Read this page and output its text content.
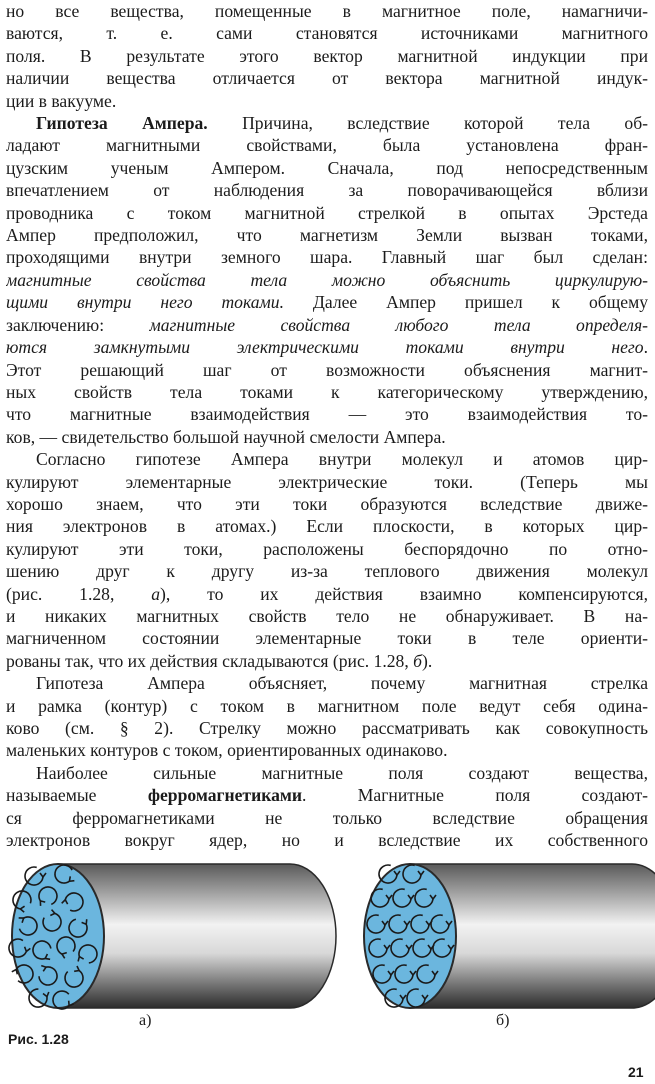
но все вещества, помещенные в магнитное поле, намагничи-
ваются, т. е. сами становятся источниками магнитного
поля. В результате этого вектор магнитной индукции при
наличии вещества отличается от вектора магнитной индук-
ции в вакууме.

Гипотеза Ампера. Причина, вследствие которой тела об-
ладают магнитными свойствами, была установлена фран-
цузским ученым Ампером. Сначала, под непосредственным
впечатлением от наблюдения за поворачивающейся вблизи
проводника с током магнитной стрелкой в опытах Эрстеда
Ампер предположил, что магнетизм Земли вызван токами,
проходящими внутри земного шара. Главный шаг был сделан:
магнитные свойства тела можно объяснить циркулирую-
щими внутри него токами. Далее Ампер пришел к общему
заключению: магнитные свойства любого тела определя-
ются замкнутыми электрическими токами внутри него.
Этот решающий шаг от возможности объяснения магнит-
ных свойств тела токами к категорическому утверждению,
что магнитные взаимодействия — это взаимодействия то-
ков, — свидетельство большой научной смелости Ампера.

Согласно гипотезе Ампера внутри молекул и атомов цир-
кулируют элементарные электрические токи. (Теперь мы
хорошо знаем, что эти токи образуются вследствие движе-
ния электронов в атомах.) Если плоскости, в которых цир-
кулируют эти токи, расположены беспорядочно по отно-
шению друг к другу из-за теплового движения молекул
(рис. 1.28, а), то их действия взаимно компенсируются,
и никаких магнитных свойств тело не обнаруживает. В на-
магниченном состоянии элементарные токи в теле ориенти-
рованы так, что их действия складываются (рис. 1.28, б).

Гипотеза Ампера объясняет, почему магнитная стрелка
и рамка (контур) с током в магнитном поле ведут себя одина-
ково (см. § 2). Стрелку можно рассматривать как совокупность
маленьких контуров с током, ориентированных одинаково.

Наиболее сильные магнитные поля создают вещества,
называемые ферромагнетиками. Магнитные поля создают-
ся ферромагнетиками не только вследствие обращения
электронов вокруг ядер, но и вследствие их собственного

а)	б)
Рис. 1.28
21
